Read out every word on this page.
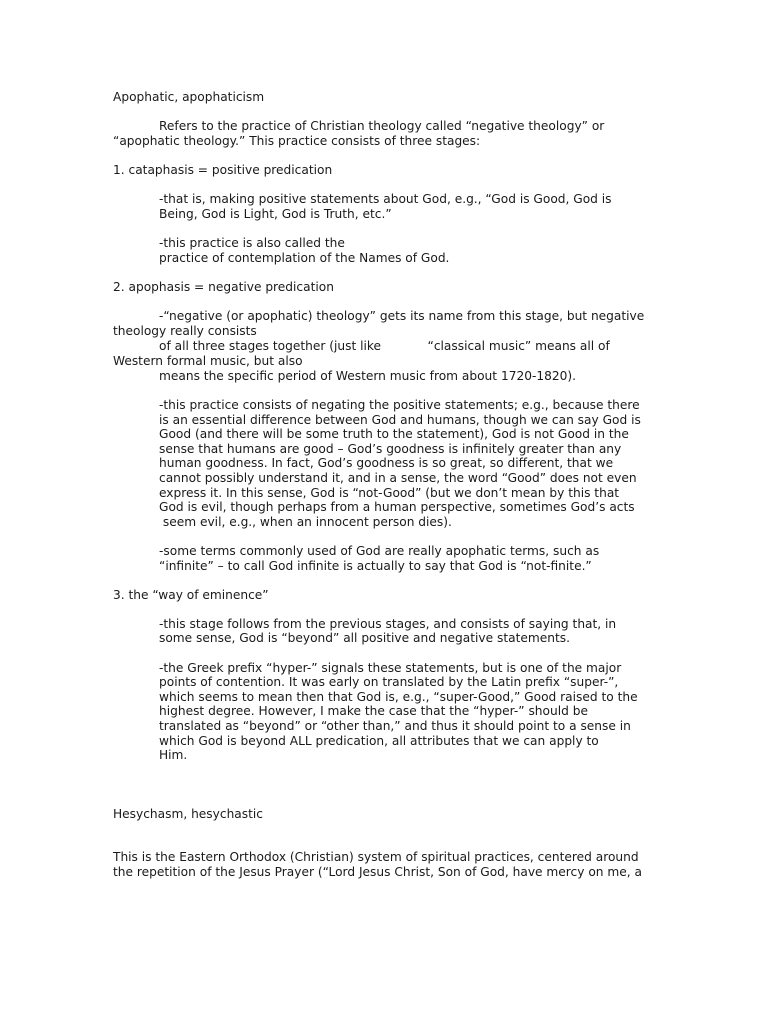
Apophatic, apophaticism
Refers to the practice of Christian theology called “negative theology” or
“apophatic theology.” This practice consists of three stages:
1. cataphasis = positive predication
-that is, making positive statements about God, e.g., “God is Good, God is
Being, God is Light, God is Truth, etc.”
-this practice is also called the
practice of contemplation of the Names of God.
2. apophasis = negative predication
-“negative (or apophatic) theology” gets its name from this stage, but negative
theology really consists
of all three stages together (just like            “classical music” means all of
Western formal music, but also
means the specific period of Western music from about 1720-1820).
-this practice consists of negating the positive statements; e.g., because there
is an essential difference between God and humans, though we can say God is
Good (and there will be some truth to the statement), God is not Good in the
sense that humans are good – God’s goodness is infinitely greater than any
human goodness. In fact, God’s goodness is so great, so different, that we
cannot possibly understand it, and in a sense, the word “Good” does not even
express it. In this sense, God is “not-Good” (but we don’t mean by this that
God is evil, though perhaps from a human perspective, sometimes God’s acts
seem evil, e.g., when an innocent person dies).
-some terms commonly used of God are really apophatic terms, such as
“infinite” – to call God infinite is actually to say that God is “not-finite.”
3. the “way of eminence”
-this stage follows from the previous stages, and consists of saying that, in
some sense, God is “beyond” all positive and negative statements.
-the Greek prefix “hyper-” signals these statements, but is one of the major
points of contention. It was early on translated by the Latin prefix “super-”,
which seems to mean then that God is, e.g., “super-Good,” Good raised to the
highest degree. However, I make the case that the “hyper-” should be
translated as “beyond” or “other than,” and thus it should point to a sense in
which God is beyond ALL predication, all attributes that we can apply to
Him.
Hesychasm, hesychastic
This is the Eastern Orthodox (Christian) system of spiritual practices, centered around
the repetition of the Jesus Prayer (“Lord Jesus Christ, Son of God, have mercy on me, a
